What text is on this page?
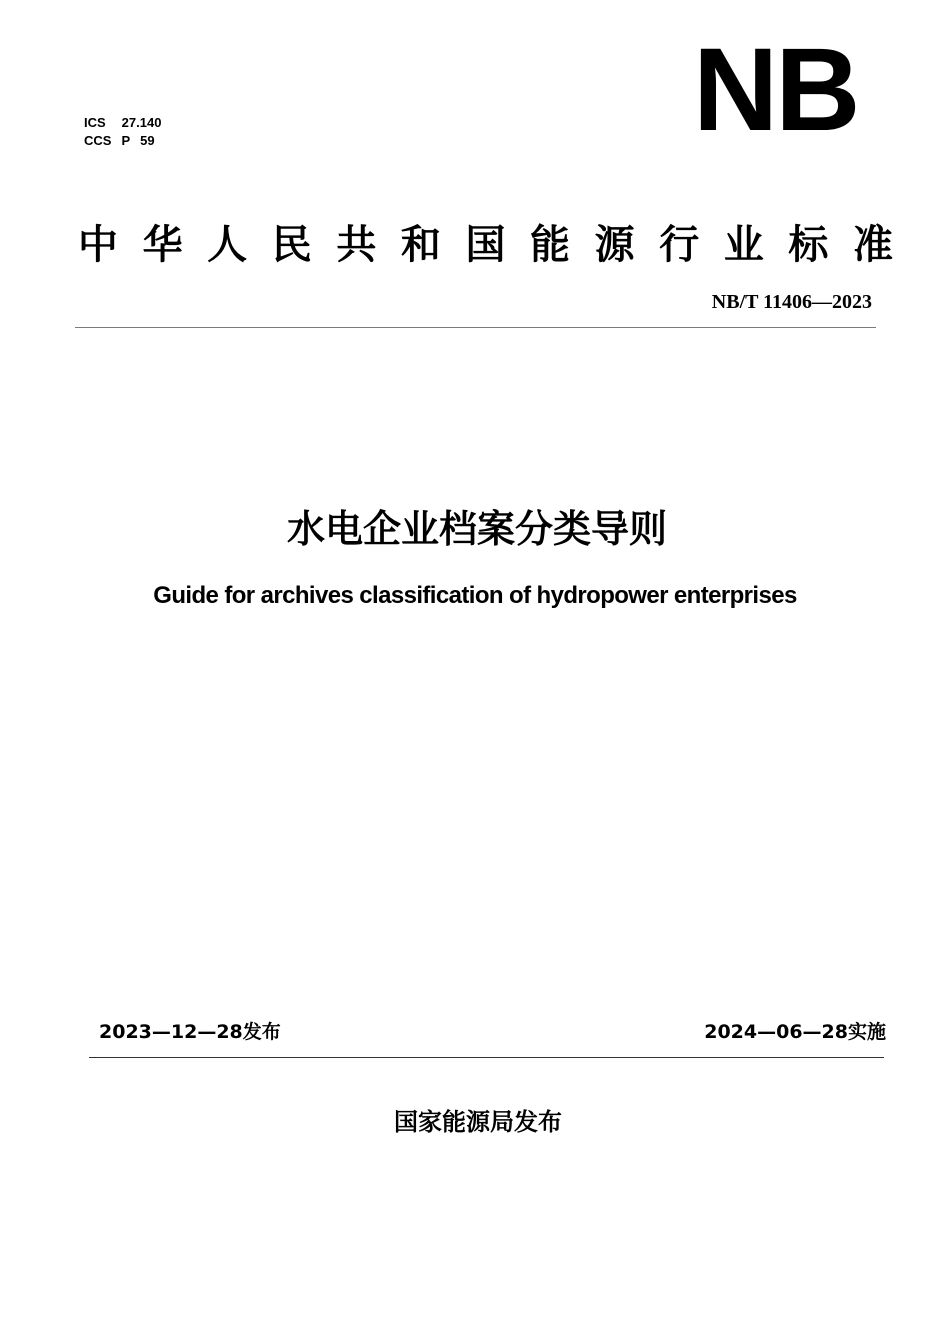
ICS 27.140
CCS P 59	NB
中 华 人 民 共 和 国 能 源 行 业 标 准
NB/T 11406—2023
水电企业档案分类导则
Guide for archives classification of hydropower enterprises
2023—12—28发布	2024—06—28实施
国家能源局发布
